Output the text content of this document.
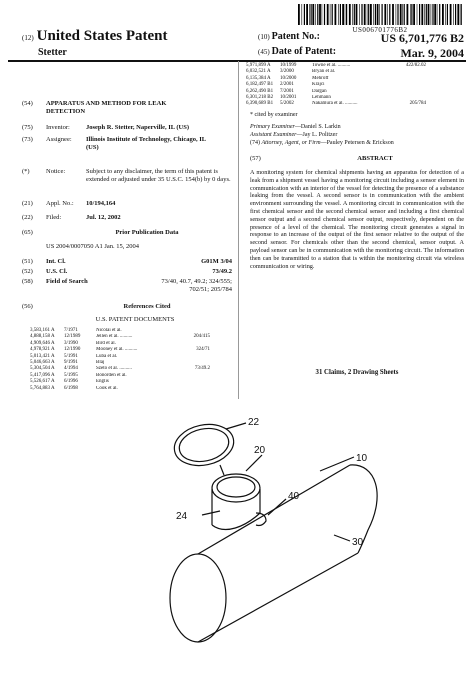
US006701776B2
(12) United States Patent
Stetter
(10) Patent No.:	US 6,701,776 B2
(45) Date of Patent:	Mar. 9, 2004
(54)	APPARATUS AND METHOD FOR LEAK DETECTION
(75)	Inventor:	Joseph R. Stetter, Naperville, IL (US)
(73)	Assignee:	Illinois Institute of Technology, Chicago, IL (US)
(*)	Notice:	Subject to any disclaimer, the term of this patent is extended or adjusted under 35 U.S.C. 154(b) by 0 days.
(21)	Appl. No.:	10/194,164
(22)	Filed:	Jul. 12, 2002
(65)	Prior Publication Data
US 2004/0007050 A1 Jan. 15, 2004
(51)	Int. Cl.	G01M 3/04
(52)	U.S. Cl.	73/49.2
(58)	Field of Search	73/40, 40.7, 49.2; 324/555; 702/51; 205/784
(56)	References Cited
U.S. PATENT DOCUMENTS
3,583,161 A	7/1971	Nicolai et al.
4,888,158 A	12/1989	Jellen et al. ..........	204/415
4,909,646 A	3/1990	Bird et al.
4,978,921 A	12/1990	Mooney et al. ..........	324/71
5,013,421 A	5/1991	Luba et al.
5,046,663 A	9/1991	Blaj
5,304,504 A	4/1994	Szeto et al. ..........	73/49.2
5,417,096 A	5/1995	Bonorden et al.
5,526,617 A	6/1996	Englis
5,764,883 A	6/1998	Cook et al.
5,971,899 A	10/1999	Towne et al. ..........	422/82.02
6,032,521 A	3/2000	Bryan et al.
6,135,384 A	10/2000	Mehroff
6,182,497 B1	2/2001	Krajci
6,262,490 B1	7/2001	Dargan
6,301,218 B2	10/2001	Lehmann
6,390,689 B1	5/2002	Nakamura et al. ..........	205/784
* cited by examiner
Primary Examiner—Daniel S. Larkin
Assistant Examiner—Jay L. Politzer
(74) Attorney, Agent, or Firm—Pauley Petersen & Erickson
(57)	ABSTRACT
A monitoring system for chemical shipments having an apparatus for detection of a leak from a shipment vessel having a monitoring circuit including a sensor element in communication with an interior of the vessel for detecting the presence of a substance leaking from the vessel. A second sensor is in communication with the ambient environment surrounding the vessel. A monitoring circuit in communication with the first chemical sensor and the second chemical sensor and including a first chemical sensor output and a second chemical sensor output, respectively, dependent on the presence of a level of the chemical. The monitoring circuit generates a signal in response to an increase of the output of the first sensor relative to the output of the second sensor. For chemicals other than the second chemical, sensor output. A payload sensor can be in communication with the monitoring circuit. The information then can be transmitted to a station that is within the monitoring circuit via wireless communication or wiring.
31 Claims, 2 Drawing Sheets
22
20
10
40
24
30
